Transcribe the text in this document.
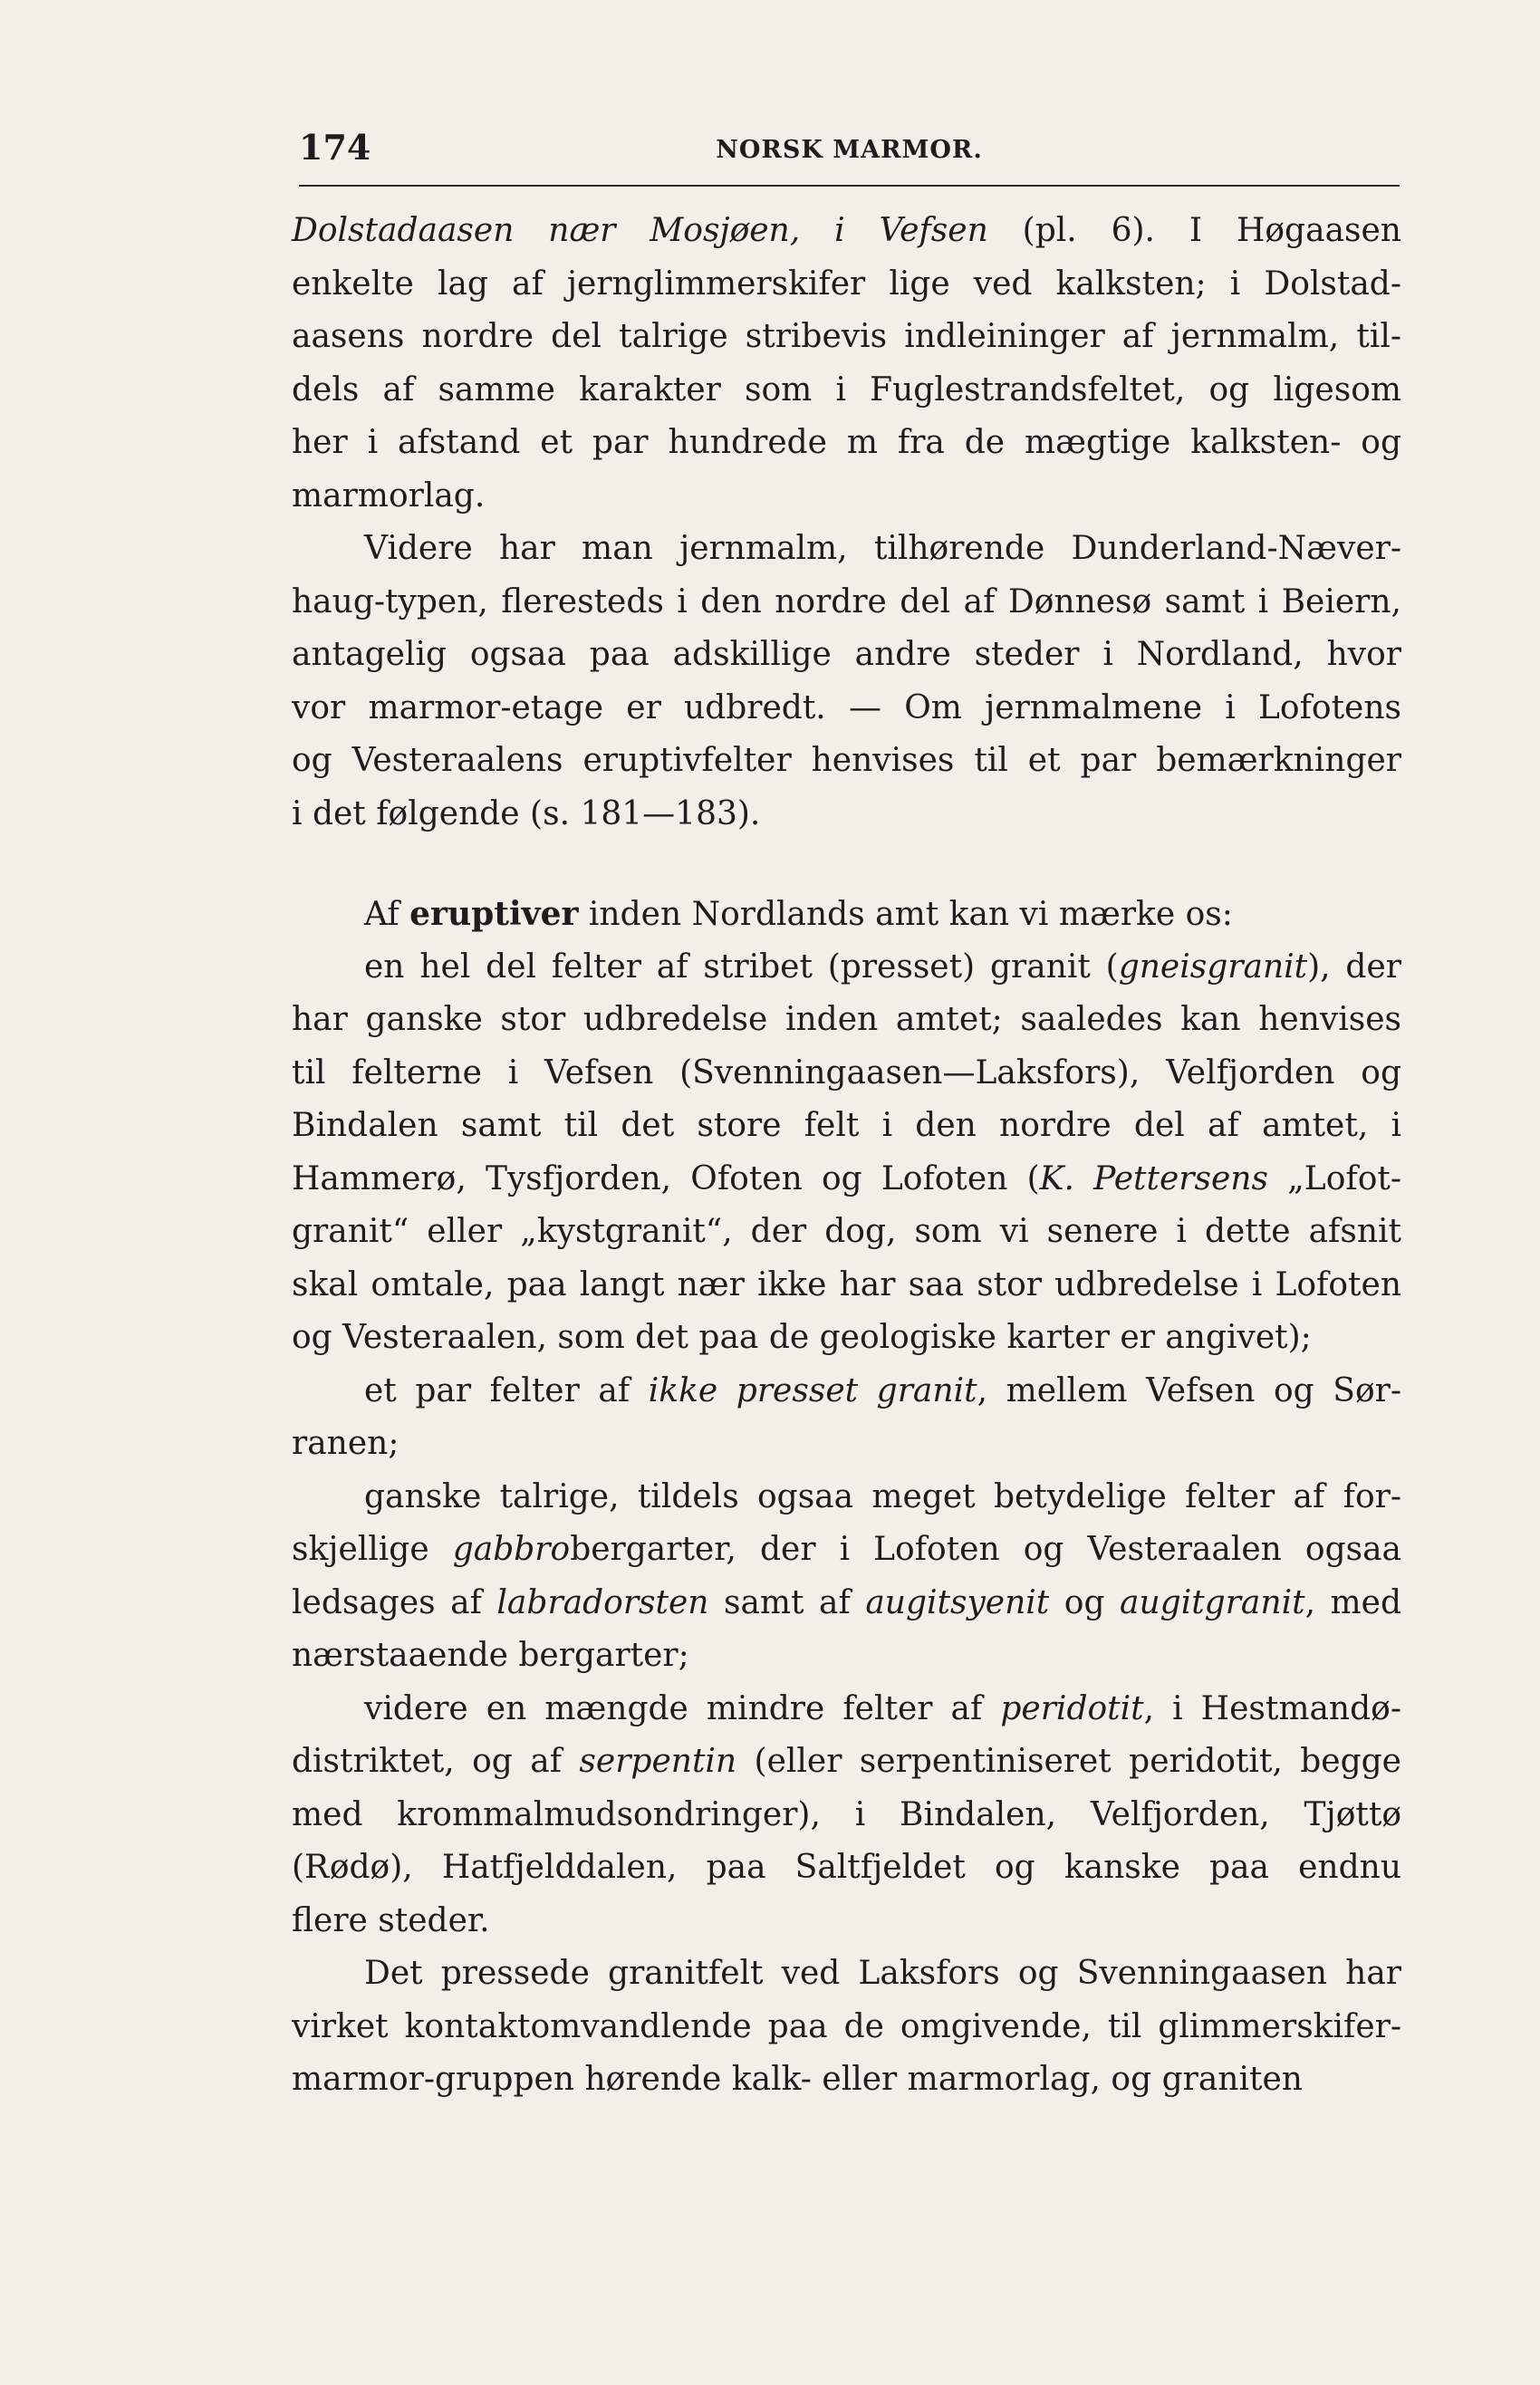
174	NORSK MARMOR.
Dolstadaasen nær Mosjøen, i Vefsen (pl. 6). I Høgaasen
enkelte lag af jernglimmerskifer lige ved kalksten; i Dolstad-
aasens nordre del talrige stribevis indleininger af jernmalm, til-
dels af samme karakter som i Fuglestrandsfeltet, og ligesom
her i afstand et par hundrede m fra de mægtige kalksten- og
marmorlag.
Videre har man jernmalm, tilhørende Dunderland-Næver-
haug-typen, fleresteds i den nordre del af Dønnesø samt i Beiern,
antagelig ogsaa paa adskillige andre steder i Nordland, hvor
vor marmor-etage er udbredt. — Om jernmalmene i Lofotens
og Vesteraalens eruptivfelter henvises til et par bemærkninger
i det følgende (s. 181—183).
Af eruptiver inden Nordlands amt kan vi mærke os:
en hel del felter af stribet (presset) granit (gneisgranit), der
har ganske stor udbredelse inden amtet; saaledes kan henvises
til felterne i Vefsen (Svenningaasen—Laksfors), Velfjorden og
Bindalen samt til det store felt i den nordre del af amtet, i
Hammerø, Tysfjorden, Ofoten og Lofoten (K. Pettersens „Lofot-
granit“ eller „kystgranit“, der dog, som vi senere i dette afsnit
skal omtale, paa langt nær ikke har saa stor udbredelse i Lofoten
og Vesteraalen, som det paa de geologiske karter er angivet);
et par felter af ikke presset granit, mellem Vefsen og Sør-
ranen;
ganske talrige, tildels ogsaa meget betydelige felter af for-
skjellige gabbrobergarter, der i Lofoten og Vesteraalen ogsaa
ledsages af labradorsten samt af augitsyenit og augitgranit, med
nærstaaende bergarter;
videre en mængde mindre felter af peridotit, i Hestmandø-
distriktet, og af serpentin (eller serpentiniseret peridotit, begge
med krommalmudsondringer), i Bindalen, Velfjorden, Tjøttø
(Rødø), Hatfjelddalen, paa Saltfjeldet og kanske paa endnu
flere steder.
Det pressede granitfelt ved Laksfors og Svenningaasen har
virket kontaktomvandlende paa de omgivende, til glimmerskifer-
marmor-gruppen hørende kalk- eller marmorlag, og graniten
